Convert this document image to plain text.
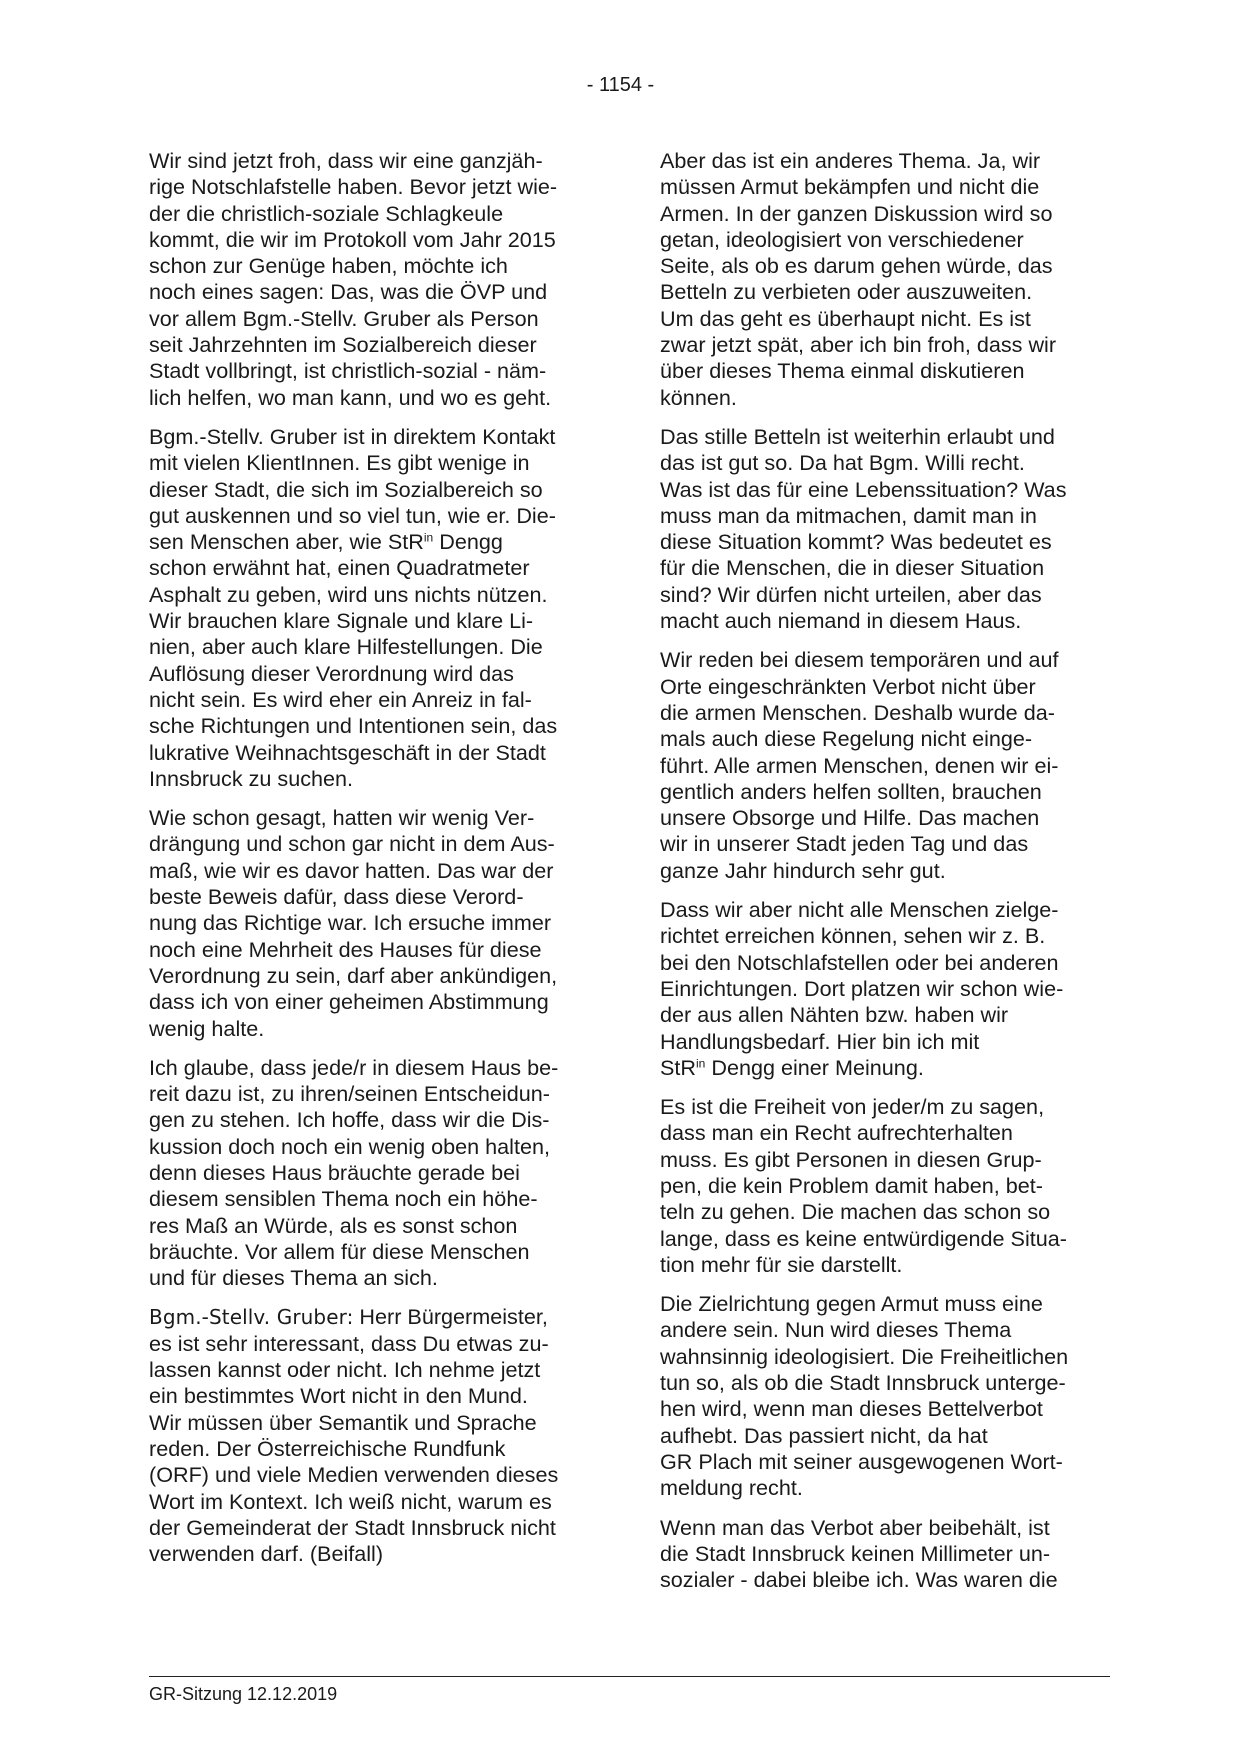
- 1154 -

Wir sind jetzt froh, dass wir eine ganzjäh-
rige Notschlafstelle haben. Bevor jetzt wie-
der die christlich-soziale Schlagkeule
kommt, die wir im Protokoll vom Jahr 2015
schon zur Genüge haben, möchte ich
noch eines sagen: Das, was die ÖVP und
vor allem Bgm.-Stellv. Gruber als Person
seit Jahrzehnten im Sozialbereich dieser
Stadt vollbringt, ist christlich-sozial - näm-
lich helfen, wo man kann, und wo es geht.

Bgm.-Stellv. Gruber ist in direktem Kontakt
mit vielen KlientInnen. Es gibt wenige in
dieser Stadt, die sich im Sozialbereich so
gut auskennen und so viel tun, wie er. Die-
sen Menschen aber, wie StR$^{in}$ Dengg
schon erwähnt hat, einen Quadratmeter
Asphalt zu geben, wird uns nichts nützen.
Wir brauchen klare Signale und klare Li-
nien, aber auch klare Hilfestellungen. Die
Auflösung dieser Verordnung wird das
nicht sein. Es wird eher ein Anreiz in fal-
sche Richtungen und Intentionen sein, das
lukrative Weihnachtsgeschäft in der Stadt
Innsbruck zu suchen.

Wie schon gesagt, hatten wir wenig Ver-
drängung und schon gar nicht in dem Aus-
maß, wie wir es davor hatten. Das war der
beste Beweis dafür, dass diese Verord-
nung das Richtige war. Ich ersuche immer
noch eine Mehrheit des Hauses für diese
Verordnung zu sein, darf aber ankündigen,
dass ich von einer geheimen Abstimmung
wenig halte.

Ich glaube, dass jede/r in diesem Haus be-
reit dazu ist, zu ihren/seinen Entscheidun-
gen zu stehen. Ich hoffe, dass wir die Dis-
kussion doch noch ein wenig oben halten,
denn dieses Haus bräuchte gerade bei
diesem sensiblen Thema noch ein höhe-
res Maß an Würde, als es sonst schon
bräuchte. Vor allem für diese Menschen
und für dieses Thema an sich.

Bgm.-Stellv. Gruber: Herr Bürgermeister,
es ist sehr interessant, dass Du etwas zu-
lassen kannst oder nicht. Ich nehme jetzt
ein bestimmtes Wort nicht in den Mund.
Wir müssen über Semantik und Sprache
reden. Der Österreichische Rundfunk
(ORF) und viele Medien verwenden dieses
Wort im Kontext. Ich weiß nicht, warum es
der Gemeinderat der Stadt Innsbruck nicht
verwenden darf. (Beifall)

Aber das ist ein anderes Thema. Ja, wir
müssen Armut bekämpfen und nicht die
Armen. In der ganzen Diskussion wird so
getan, ideologisiert von verschiedener
Seite, als ob es darum gehen würde, das
Betteln zu verbieten oder auszuweiten.
Um das geht es überhaupt nicht. Es ist
zwar jetzt spät, aber ich bin froh, dass wir
über dieses Thema einmal diskutieren
können.

Das stille Betteln ist weiterhin erlaubt und
das ist gut so. Da hat Bgm. Willi recht.
Was ist das für eine Lebenssituation? Was
muss man da mitmachen, damit man in
diese Situation kommt? Was bedeutet es
für die Menschen, die in dieser Situation
sind? Wir dürfen nicht urteilen, aber das
macht auch niemand in diesem Haus.

Wir reden bei diesem temporären und auf
Orte eingeschränkten Verbot nicht über
die armen Menschen. Deshalb wurde da-
mals auch diese Regelung nicht einge-
führt. Alle armen Menschen, denen wir ei-
gentlich anders helfen sollten, brauchen
unsere Obsorge und Hilfe. Das machen
wir in unserer Stadt jeden Tag und das
ganze Jahr hindurch sehr gut.

Dass wir aber nicht alle Menschen zielge-
richtet erreichen können, sehen wir z. B.
bei den Notschlafstellen oder bei anderen
Einrichtungen. Dort platzen wir schon wie-
der aus allen Nähten bzw. haben wir
Handlungsbedarf. Hier bin ich mit
StR$^{in}$ Dengg einer Meinung.

Es ist die Freiheit von jeder/m zu sagen,
dass man ein Recht aufrechterhalten
muss. Es gibt Personen in diesen Grup-
pen, die kein Problem damit haben, bet-
teln zu gehen. Die machen das schon so
lange, dass es keine entwürdigende Situa-
tion mehr für sie darstellt.

Die Zielrichtung gegen Armut muss eine
andere sein. Nun wird dieses Thema
wahnsinnig ideologisiert. Die Freiheitlichen
tun so, als ob die Stadt Innsbruck unterge-
hen wird, wenn man dieses Bettelverbot
aufhebt. Das passiert nicht, da hat
GR Plach mit seiner ausgewogenen Wort-
meldung recht.

Wenn man das Verbot aber beibehält, ist
die Stadt Innsbruck keinen Millimeter un-
sozialer - dabei bleibe ich. Was waren die

GR-Sitzung 12.12.2019
